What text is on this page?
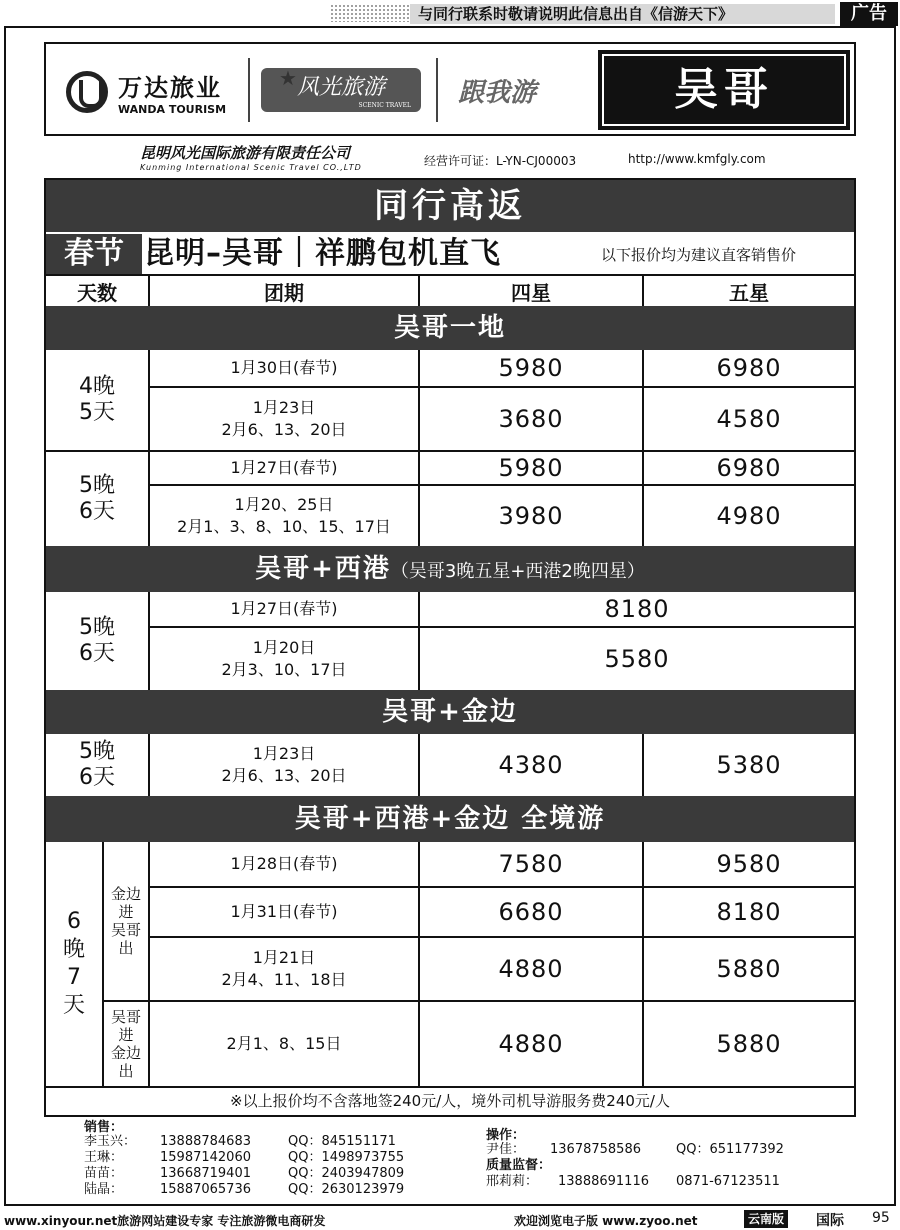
与同行联系时敬请说明此信息出自《信游天下》	广告
万达旅业
WANDA TOURISM
★ 风光旅游
SCENIC TRAVEL 跟我游	吴哥
昆明风光国际旅游有限责任公司
Kunming International Scenic Travel CO.,LTD	经营许可证：L-YN-CJ00003	http://www.kmfgly.com
同行高返
春节 昆明–吴哥｜祥鹏包机直飞	以下报价均为建议直客销售价
天数	团期	四星	五星
吴哥一地
4晚
5天
1月30日(春节)	5980	6980
1月23日
2月6、13、20日	3680	4580
5晚
6天
1月27日(春节)	5980	6980
1月20、25日
2月1、3、8、10、15、17日	3980	4980
吴哥+西港（吴哥3晚五星+西港2晚四星）
5晚
6天
1月27日(春节)	8180
1月20日
2月3、10、17日	5580
吴哥+金边
5晚
6天
1月23日
2月6、13、20日	4380	5380
吴哥+西港+金边 全境游
6
晚
7
天
金边
进
吴哥
出
1月28日(春节)	7580	9580
1月31日(春节)	6680	8180
1月21日
2月4、11、18日	4880	5880
吴哥
进
金边
出
2月1、8、15日	4880	5880
※以上报价均不含落地签240元/人，境外司机导游服务费240元/人
销售：
李玉兴： 13888784683	QQ：845151171
王琳：	15987142060	QQ：1498973755
苗苗：	13668719401	QQ：2403947809
陆晶：	15887065736	QQ：2630123979
操作：
尹佳： 13678758586	QQ：651177392
质量监督：
邢莉莉： 13888691116 0871-67123511
www.xinyour.net旅游网站建设专家 专注旅游微电商研发	欢迎浏览电子版 www.zyoo.net	云南版 国际 95
